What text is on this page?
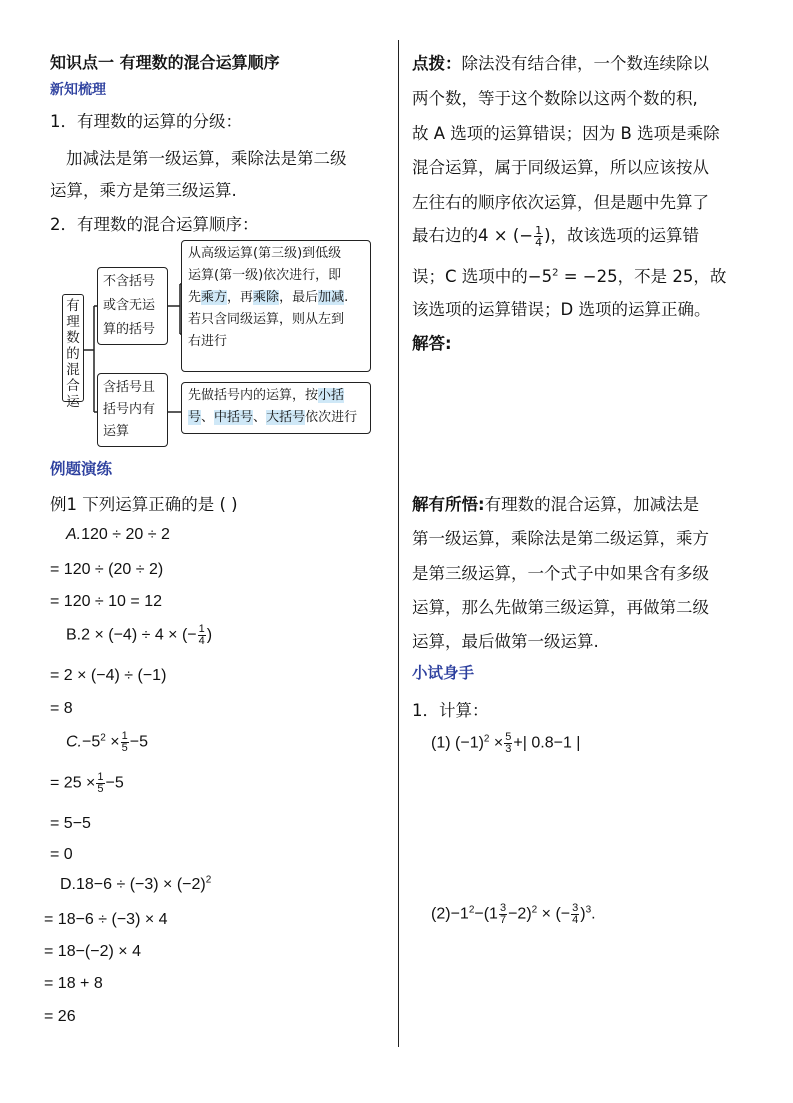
知识点一 有理数的混合运算顺序
新知梳理
1．有理数的运算的分级：
加减法是第一级运算，乘除法是第二级
运算，乘方是第三级运算.
2．有理数的混合运算顺序：
有
理
数
的
混
合
运
不含括号
或含无运
算的括号
含括号且
括号内有
运算
从高级运算(第三级)到低级
运算(第一级)依次进行，即
先乘方，再乘除，最后加减.
若只含同级运算，则从左到
右进行
先做括号内的运算，按小括
号、中括号、大括号依次进行
例题演练
例1 下列运算正确的是 ( )
A.120 ÷ 20 ÷ 2
= 120 ÷ (20 ÷ 2)
= 120 ÷ 10 = 12
B.2 × (−4) ÷ 4 × (− $\frac{1}{4}$ )
= 2 × (−4) ÷ (−1)
= 8
$C.-5^2 \times \frac{1}{5} -5$
= $25 \times \frac{1}{5} -5$
= 5−5
= 0
$D.18-6 \div (-3) \times (-2)^2$
= 18−6 ÷ (−3) × 4
= 18−(−2) × 4
= 18 + 8
= 26
点拨：除法没有结合律，一个数连续除以
两个数，等于这个数除以这两个数的积,
故 A 选项的运算错误；因为 B 选项是乘除
混合运算，属于同级运算，所以应该按从
左往右的顺序依次运算，但是题中先算了
最右边的4 × (− $\frac{1}{4}$ )，故该选项的运算错
误；C 选项中的$-5^2 = -25$，不是 25，故
该选项的运算错误；D 选项的运算正确。
解答:
解有所悟:有理数的混合运算，加减法是
第一级运算，乘除法是第二级运算，乘方
是第三级运算，一个式子中如果含有多级
运算，那么先做第三级运算，再做第二级
运算，最后做第一级运算.
小试身手
1．计算：
(1) $(-1)^2 \times \frac{5}{3}$ +| 0.8−1 |
$(2)-1^2-(1 \frac{3}{7} -2)^2$ × (− $\frac{3}{4} )^3$.
